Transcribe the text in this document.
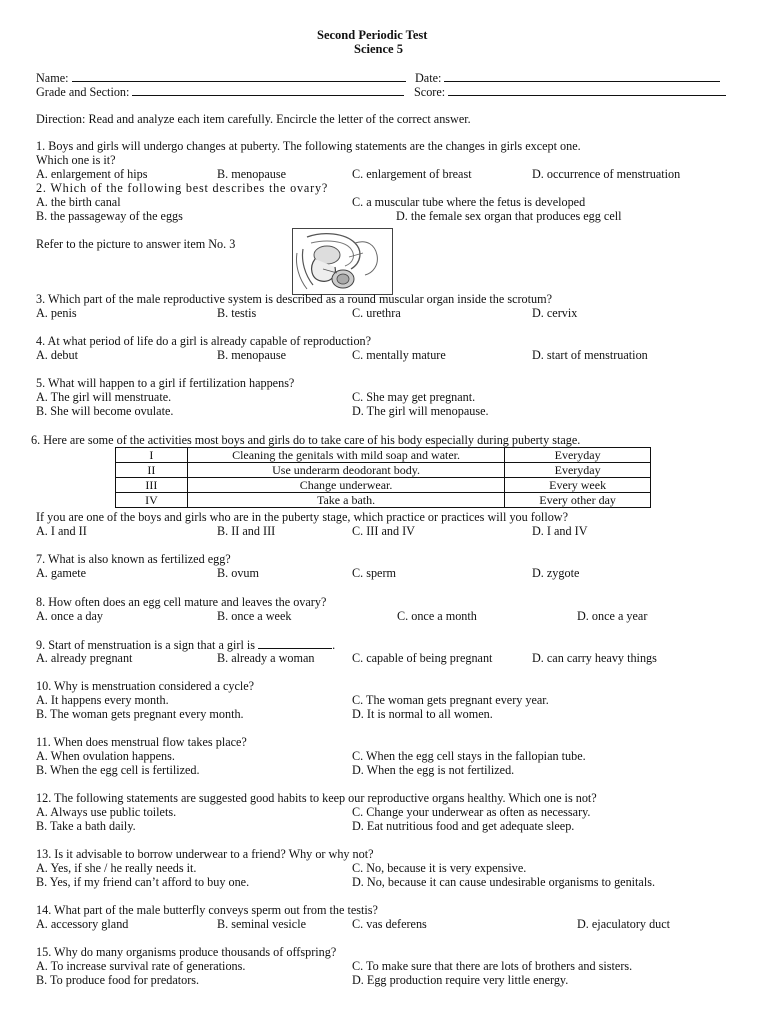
Second Periodic Test
Science 5
Name:	Date:
Grade and Section:	Score:
Direction: Read and analyze each item carefully. Encircle the letter of the correct answer.
1. Boys and girls will undergo changes at puberty. The following statements are the changes in girls except one.
Which one is it?
A. enlargement of hips	B. menopause	C. enlargement of breast	D. occurrence of menstruation
2. Which of the following best describes the ovary?
A. the birth canal	C. a muscular tube where the fetus is developed
B. the passageway of the eggs	D. the female sex organ that produces egg cell
Refer to the picture to answer item No. 3
3. Which part of the male reproductive system is described as a round muscular organ inside the scrotum?
A. penis	B. testis	C. urethra	D. cervix
4. At what period of life do a girl is already capable of reproduction?
A. debut	B. menopause	C. mentally mature	D. start of menstruation
5. What will happen to a girl if fertilization happens?
A. The girl will menstruate.	C. She may get pregnant.
B. She will become ovulate.	D. The girl will menopause.
6. Here are some of the activities most boys and girls do to take care of his body especially during puberty stage.
I	Cleaning the genitals with mild soap and water.	Everyday
II	Use underarm deodorant body.	Everyday
III	Change underwear.	Every week
IV	Take a bath.	Every other day
If you are one of the boys and girls who are in the puberty stage, which practice or practices will you follow?
A. I and II	B. II and III	C. III and IV	D. I and IV
7. What is also known as fertilized egg?
A. gamete	B. ovum	C. sperm	D. zygote
8. How often does an egg cell mature and leaves the ovary?
A. once a day	B. once a week	C. once a month	D. once a year
9. Start of menstruation is a sign that a girl is	.
A. already pregnant	B. already a woman	C. capable of being pregnant	D. can carry heavy things
10. Why is menstruation considered a cycle?
A. It happens every month.	C. The woman gets pregnant every year.
B. The woman gets pregnant every month.	D. It is normal to all women.
11. When does menstrual flow takes place?
A. When ovulation happens.	C. When the egg cell stays in the fallopian tube.
B. When the egg cell is fertilized.	D. When the egg is not fertilized.
12. The following statements are suggested good habits to keep our reproductive organs healthy. Which one is not?
A. Always use public toilets.	C. Change your underwear as often as necessary.
B. Take a bath daily.	D. Eat nutritious food and get adequate sleep.
13. Is it advisable to borrow underwear to a friend? Why or why not?
A. Yes, if she / he really needs it.	C. No, because it is very expensive.
B. Yes, if my friend can’t afford to buy one.	D. No, because it can cause undesirable organisms to genitals.
14. What part of the male butterfly conveys sperm out from the testis?
A. accessory gland	B. seminal vesicle	C. vas deferens	D. ejaculatory duct
15. Why do many organisms produce thousands of offspring?
A. To increase survival rate of generations.	C. To make sure that there are lots of brothers and sisters.
B. To produce food for predators.	D. Egg production require very little energy.
